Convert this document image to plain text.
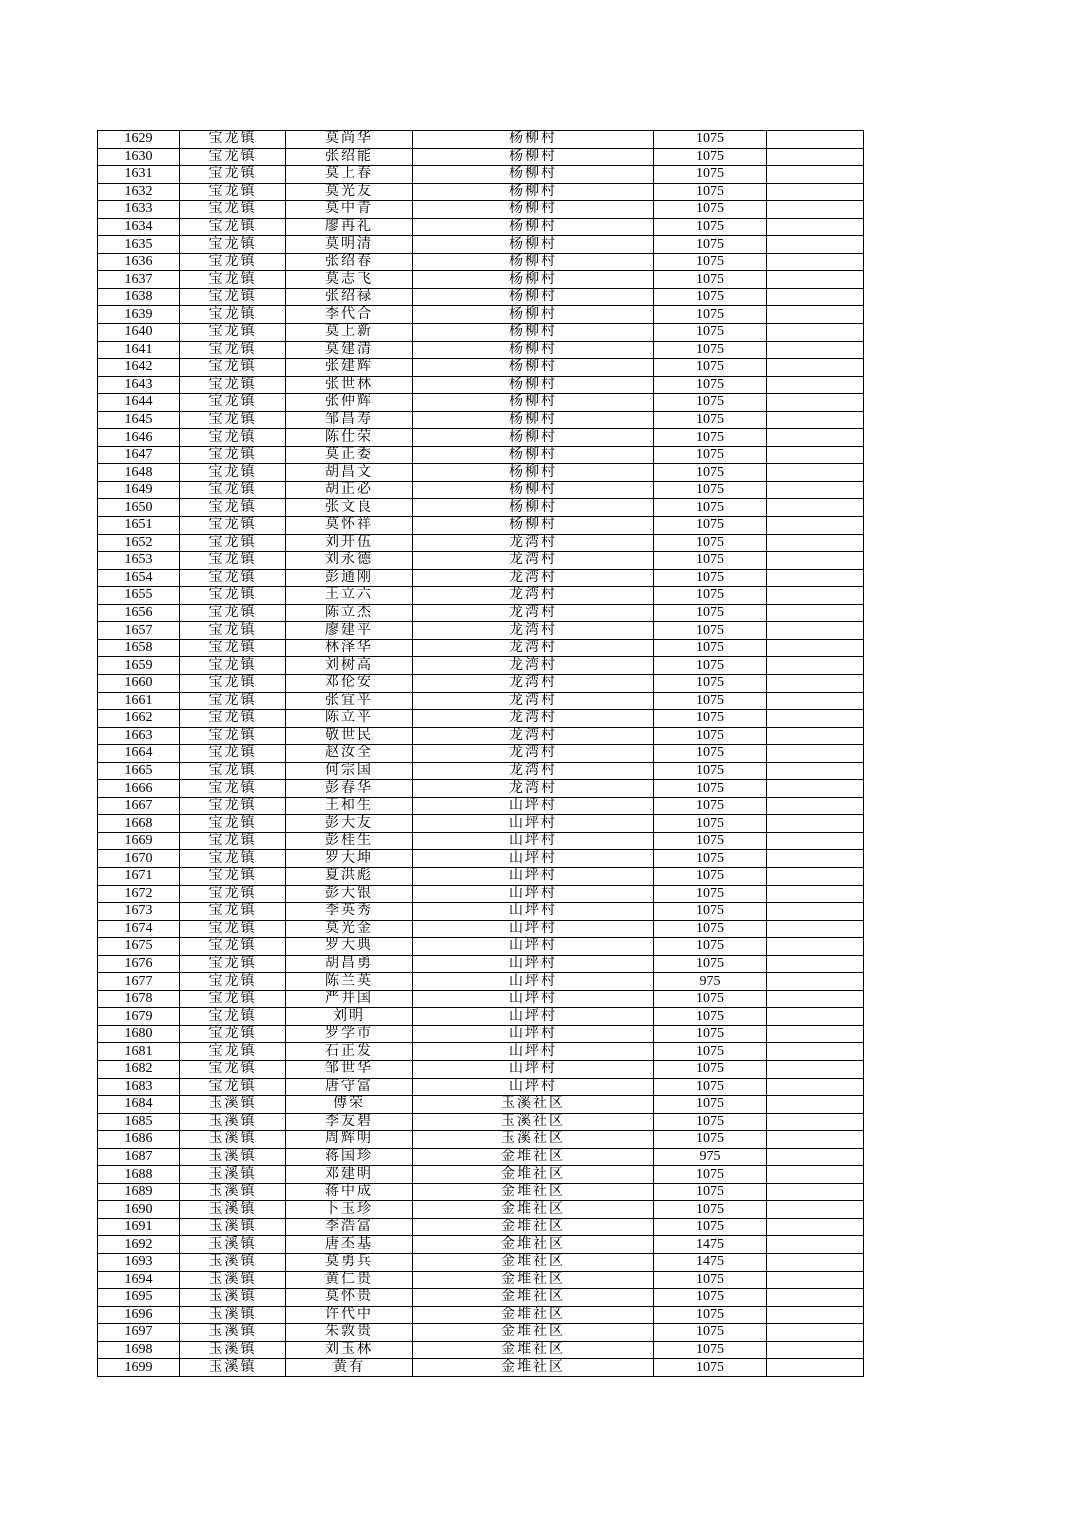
1629	宝龙镇	莫尚华	杨柳村	1075	
1630	宝龙镇	张绍能	杨柳村	1075	
1631	宝龙镇	莫上春	杨柳村	1075	
1632	宝龙镇	莫光友	杨柳村	1075	
1633	宝龙镇	莫中青	杨柳村	1075	
1634	宝龙镇	廖再礼	杨柳村	1075	
1635	宝龙镇	莫明清	杨柳村	1075	
1636	宝龙镇	张绍春	杨柳村	1075	
1637	宝龙镇	莫志飞	杨柳村	1075	
1638	宝龙镇	张绍禄	杨柳村	1075	
1639	宝龙镇	李代合	杨柳村	1075	
1640	宝龙镇	莫上新	杨柳村	1075	
1641	宝龙镇	莫建清	杨柳村	1075	
1642	宝龙镇	张建辉	杨柳村	1075	
1643	宝龙镇	张世林	杨柳村	1075	
1644	宝龙镇	张仲辉	杨柳村	1075	
1645	宝龙镇	邹昌寿	杨柳村	1075	
1646	宝龙镇	陈仕荣	杨柳村	1075	
1647	宝龙镇	莫正委	杨柳村	1075	
1648	宝龙镇	胡昌文	杨柳村	1075	
1649	宝龙镇	胡正必	杨柳村	1075	
1650	宝龙镇	张文良	杨柳村	1075	
1651	宝龙镇	莫怀祥	杨柳村	1075	
1652	宝龙镇	刘开伍	龙湾村	1075	
1653	宝龙镇	刘永德	龙湾村	1075	
1654	宝龙镇	彭通刚	龙湾村	1075	
1655	宝龙镇	王立六	龙湾村	1075	
1656	宝龙镇	陈立杰	龙湾村	1075	
1657	宝龙镇	廖建平	龙湾村	1075	
1658	宝龙镇	林泽华	龙湾村	1075	
1659	宝龙镇	刘树高	龙湾村	1075	
1660	宝龙镇	邓伦安	龙湾村	1075	
1661	宝龙镇	张宜平	龙湾村	1075	
1662	宝龙镇	陈立平	龙湾村	1075	
1663	宝龙镇	敬世民	龙湾村	1075	
1664	宝龙镇	赵汝全	龙湾村	1075	
1665	宝龙镇	何宗国	龙湾村	1075	
1666	宝龙镇	彭春华	龙湾村	1075	
1667	宝龙镇	王和生	山坪村	1075	
1668	宝龙镇	彭大友	山坪村	1075	
1669	宝龙镇	彭桂生	山坪村	1075	
1670	宝龙镇	罗大坤	山坪村	1075	
1671	宝龙镇	夏洪彪	山坪村	1075	
1672	宝龙镇	彭大银	山坪村	1075	
1673	宝龙镇	李英秀	山坪村	1075	
1674	宝龙镇	莫光金	山坪村	1075	
1675	宝龙镇	罗大典	山坪村	1075	
1676	宝龙镇	胡昌勇	山坪村	1075	
1677	宝龙镇	陈兰英	山坪村	975	
1678	宝龙镇	严井国	山坪村	1075	
1679	宝龙镇	刘明	山坪村	1075	
1680	宝龙镇	罗学市	山坪村	1075	
1681	宝龙镇	石正发	山坪村	1075	
1682	宝龙镇	邹世华	山坪村	1075	
1683	宝龙镇	唐守富	山坪村	1075	
1684	玉溪镇	傅荣	玉溪社区	1075	
1685	玉溪镇	李友碧	玉溪社区	1075	
1686	玉溪镇	周辉明	玉溪社区	1075	
1687	玉溪镇	蒋国珍	金堆社区	975	
1688	玉溪镇	邓建明	金堆社区	1075	
1689	玉溪镇	蒋中成	金堆社区	1075	
1690	玉溪镇	卜玉珍	金堆社区	1075	
1691	玉溪镇	李浩富	金堆社区	1075	
1692	玉溪镇	唐丕基	金堆社区	1475	
1693	玉溪镇	莫勇兵	金堆社区	1475	
1694	玉溪镇	黄仁贵	金堆社区	1075	
1695	玉溪镇	莫怀贵	金堆社区	1075	
1696	玉溪镇	许代中	金堆社区	1075	
1697	玉溪镇	朱敦贵	金堆社区	1075	
1698	玉溪镇	刘玉林	金堆社区	1075	
1699	玉溪镇	黄有	金堆社区	1075	
